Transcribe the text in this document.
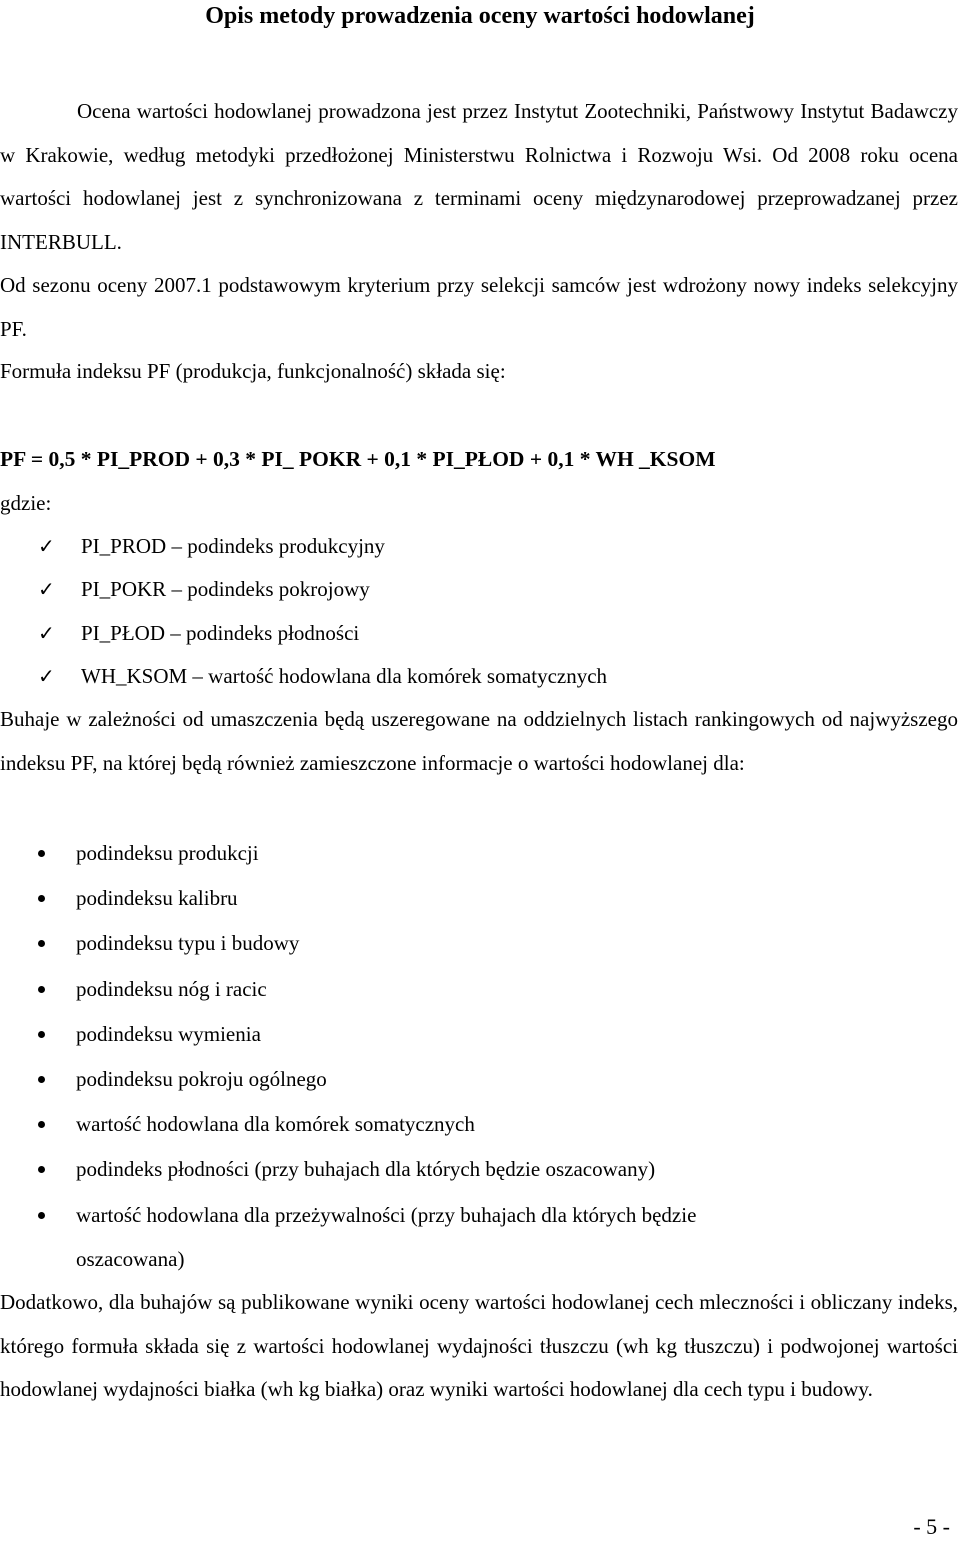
Opis metody prowadzenia oceny wartości hodowlanej

Ocena wartości hodowlanej prowadzona jest przez Instytut Zootechniki, Państwowy Instytut Badawczy w Krakowie, według metodyki przedłożonej Ministerstwu Rolnictwa i Rozwoju Wsi. Od 2008 roku ocena wartości hodowlanej jest z synchronizowana z terminami oceny międzynarodowej przeprowadzanej przez INTERBULL.

Od sezonu oceny 2007.1 podstawowym kryterium przy selekcji samców jest wdrożony nowy indeks selekcyjny PF.

Formuła indeksu PF (produkcja, funkcjonalność) składa się:
PF = 0,5 * PI_PROD + 0,3 * PI_ POKR + 0,1 * PI_PŁOD + 0,1 * WH _KSOM
gdzie:
✓ PI_PROD – podindeks produkcyjny
✓ PI_POKR – podindeks pokrojowy
✓ PI_PŁOD – podindeks płodności
✓ WH_KSOM – wartość hodowlana dla komórek somatycznych

Buhaje w zależności od umaszczenia będą uszeregowane na oddzielnych listach rankingowych od najwyższego indeksu PF, na której będą również zamieszczone informacje o wartości hodowlanej dla:

podindeksu produkcji
podindeksu kalibru
podindeksu typu i budowy
podindeksu nóg i racic
podindeksu wymienia
podindeksu pokroju ogólnego
wartość hodowlana dla komórek somatycznych
podindeks płodności (przy buhajach dla których będzie oszacowany)
wartość hodowlana dla przeżywalności (przy buhajach dla których będzie
oszacowana)

Dodatkowo, dla buhajów są publikowane wyniki oceny wartości hodowlanej cech mleczności i obliczany indeks, którego formuła składa się z wartości hodowlanej wydajności tłuszczu (wh kg tłuszczu) i podwojonej wartości hodowlanej wydajności białka (wh kg białka) oraz wyniki wartości hodowlanej dla cech typu i budowy.

- 5 -
